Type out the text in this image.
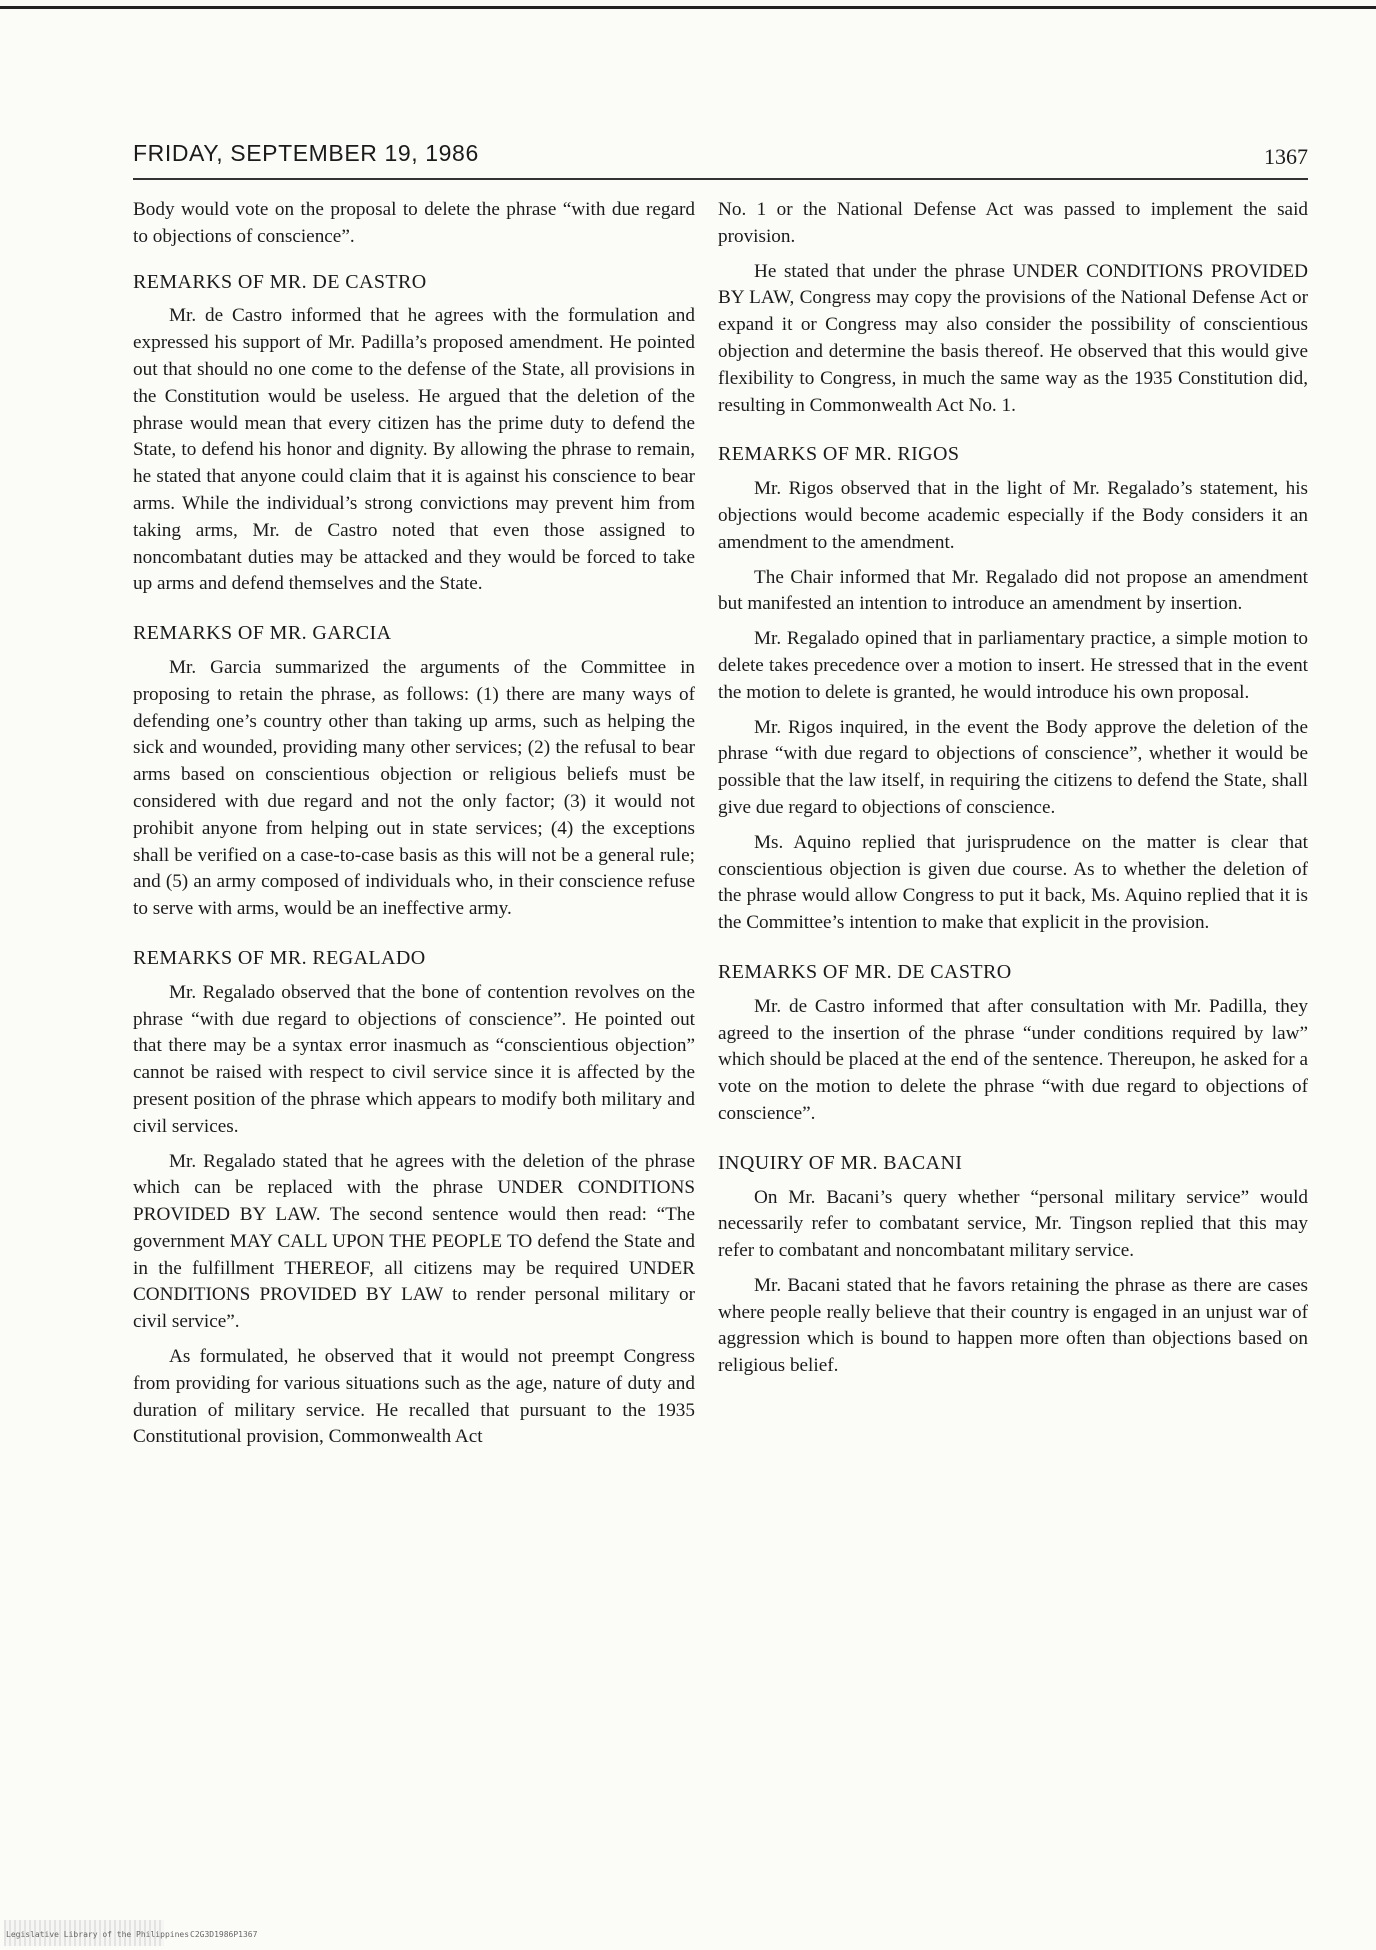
FRIDAY, SEPTEMBER 19, 1986	1367

Body would vote on the proposal to delete the phrase “with due regard to objections of conscience”.

REMARKS OF MR. DE CASTRO

Mr. de Castro informed that he agrees with the formulation and expressed his support of Mr. Padilla’s proposed amendment. He pointed out that should no one come to the defense of the State, all provisions in the Constitution would be useless. He argued that the deletion of the phrase would mean that every citizen has the prime duty to defend the State, to defend his honor and dignity. By allowing the phrase to remain, he stated that anyone could claim that it is against his conscience to bear arms. While the individual’s strong convictions may prevent him from taking arms, Mr. de Castro noted that even those assigned to noncombatant duties may be attacked and they would be forced to take up arms and defend themselves and the State.

REMARKS OF MR. GARCIA

Mr. Garcia summarized the arguments of the Committee in proposing to retain the phrase, as follows: (1) there are many ways of defending one’s country other than taking up arms, such as helping the sick and wounded, providing many other services; (2) the refusal to bear arms based on conscientious objection or religious beliefs must be considered with due regard and not the only factor; (3) it would not prohibit anyone from helping out in state services; (4) the exceptions shall be verified on a case-to-case basis as this will not be a general rule; and (5) an army composed of individuals who, in their conscience refuse to serve with arms, would be an ineffective army.

REMARKS OF MR. REGALADO

Mr. Regalado observed that the bone of contention revolves on the phrase “with due regard to objections of conscience”. He pointed out that there may be a syntax error inasmuch as “conscientious objection” cannot be raised with respect to civil service since it is affected by the present position of the phrase which appears to modify both military and civil services.

Mr. Regalado stated that he agrees with the deletion of the phrase which can be replaced with the phrase UNDER CONDITIONS PROVIDED BY LAW. The second sentence would then read: “The government MAY CALL UPON THE PEOPLE TO defend the State and in the fulfillment THEREOF, all citizens may be required UNDER CONDITIONS PROVIDED BY LAW to render personal military or civil service”.

As formulated, he observed that it would not preempt Congress from providing for various situations such as the age, nature of duty and duration of military service. He recalled that pursuant to the 1935 Constitutional provision, Commonwealth Act

No. 1 or the National Defense Act was passed to implement the said provision.

He stated that under the phrase UNDER CONDITIONS PROVIDED BY LAW, Congress may copy the provisions of the National Defense Act or expand it or Congress may also consider the possibility of conscientious objection and determine the basis thereof. He observed that this would give flexibility to Congress, in much the same way as the 1935 Constitution did, resulting in Commonwealth Act No. 1.

REMARKS OF MR. RIGOS

Mr. Rigos observed that in the light of Mr. Regalado’s statement, his objections would become academic especially if the Body considers it an amendment to the amendment.

The Chair informed that Mr. Regalado did not propose an amendment but manifested an intention to introduce an amendment by insertion.

Mr. Regalado opined that in parliamentary practice, a simple motion to delete takes precedence over a motion to insert. He stressed that in the event the motion to delete is granted, he would introduce his own proposal.

Mr. Rigos inquired, in the event the Body approve the deletion of the phrase “with due regard to objections of conscience”, whether it would be possible that the law itself, in requiring the citizens to defend the State, shall give due regard to objections of conscience.

Ms. Aquino replied that jurisprudence on the matter is clear that conscientious objection is given due course. As to whether the deletion of the phrase would allow Congress to put it back, Ms. Aquino replied that it is the Committee’s intention to make that explicit in the provision.

REMARKS OF MR. DE CASTRO

Mr. de Castro informed that after consultation with Mr. Padilla, they agreed to the insertion of the phrase “under conditions required by law” which should be placed at the end of the sentence. Thereupon, he asked for a vote on the motion to delete the phrase “with due regard to objections of conscience”.

INQUIRY OF MR. BACANI

On Mr. Bacani’s query whether “personal military service” would necessarily refer to combatant service, Mr. Tingson replied that this may refer to combatant and noncombatant military service.

Mr. Bacani stated that he favors retaining the phrase as there are cases where people really believe that their country is engaged in an unjust war of aggression which is bound to happen more often than objections based on religious belief.

Legislative Library of the Philippines C2G3D1986P1367
